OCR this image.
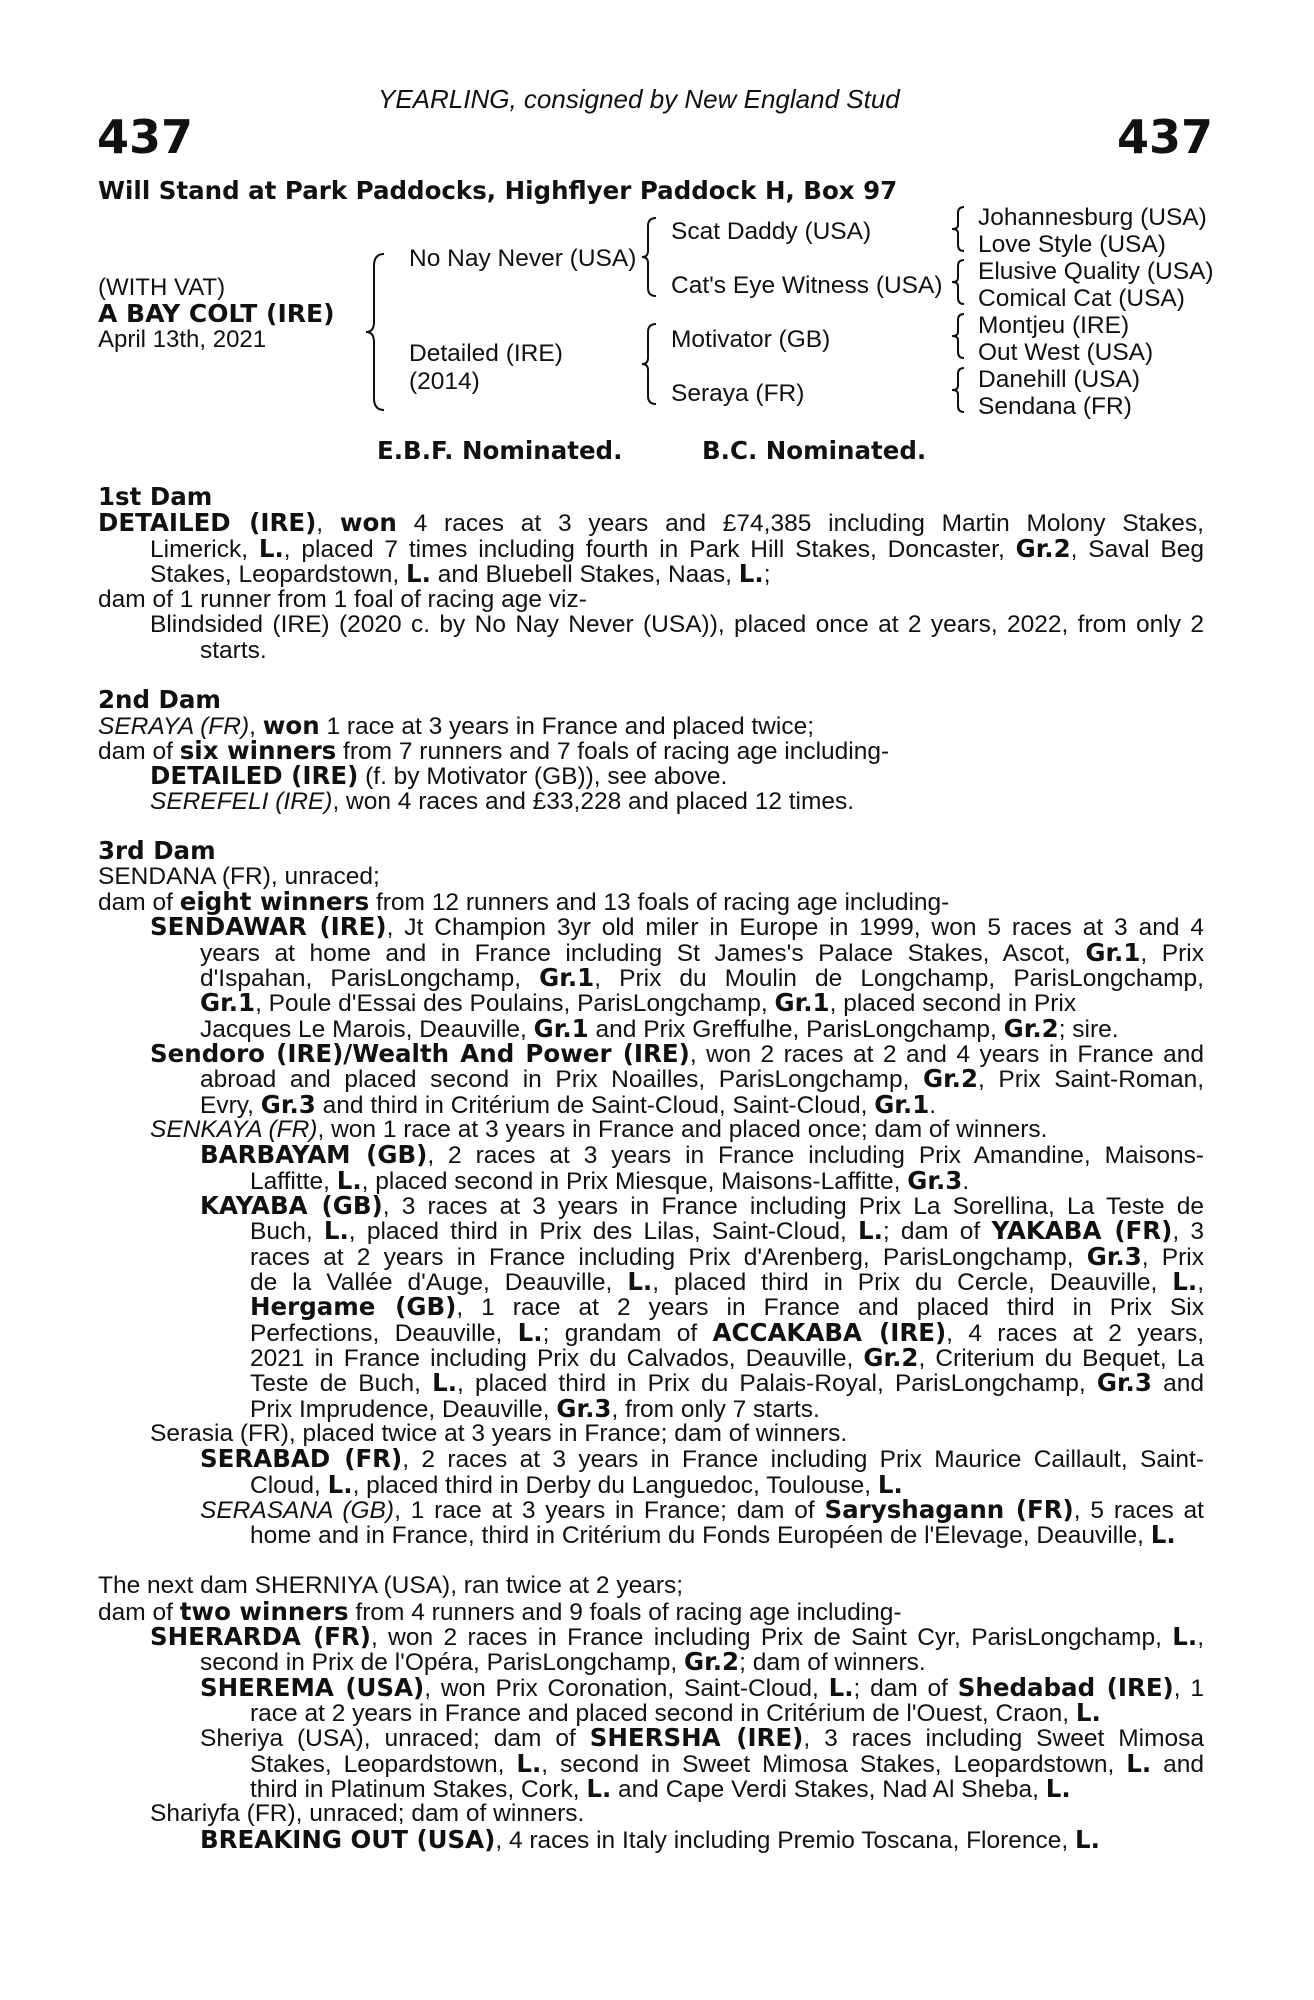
YEARLING, consigned by New England Stud
437	437
Will Stand at Park Paddocks, Highflyer Paddock H, Box 97
(WITH VAT)
A BAY COLT (IRE)
April 13th, 2021
No Nay Never (USA)
Detailed (IRE)
(2014)
Scat Daddy (USA)
Cat's Eye Witness (USA)
Motivator (GB)
Seraya (FR)
Johannesburg (USA)
Love Style (USA)
Elusive Quality (USA)
Comical Cat (USA)
Montjeu (IRE)
Out West (USA)
Danehill (USA)
Sendana (FR)
E.B.F. Nominated.	B.C. Nominated.
1st Dam
DETAILED (IRE), won 4 races at 3 years and £74,385 including Martin Molony Stakes,
Limerick, L., placed 7 times including fourth in Park Hill Stakes, Doncaster, Gr.2, Saval Beg
Stakes, Leopardstown, L. and Bluebell Stakes, Naas, L.;
dam of 1 runner from 1 foal of racing age viz-
Blindsided (IRE) (2020 c. by No Nay Never (USA)), placed once at 2 years, 2022, from only 2
starts.
2nd Dam
SERAYA (FR), won 1 race at 3 years in France and placed twice;
dam of six winners from 7 runners and 7 foals of racing age including-
DETAILED (IRE) (f. by Motivator (GB)), see above.
SEREFELI (IRE), won 4 races and £33,228 and placed 12 times.
3rd Dam
SENDANA (FR), unraced;
dam of eight winners from 12 runners and 13 foals of racing age including-
SENDAWAR (IRE), Jt Champion 3yr old miler in Europe in 1999, won 5 races at 3 and 4
years at home and in France including St James's Palace Stakes, Ascot, Gr.1, Prix
d'Ispahan, ParisLongchamp, Gr.1, Prix du Moulin de Longchamp, ParisLongchamp,
Gr.1, Poule d'Essai des Poulains, ParisLongchamp, Gr.1, placed second in Prix
Jacques Le Marois, Deauville, Gr.1 and Prix Greffulhe, ParisLongchamp, Gr.2; sire.
Sendoro (IRE)/Wealth And Power (IRE), won 2 races at 2 and 4 years in France and
abroad and placed second in Prix Noailles, ParisLongchamp, Gr.2, Prix Saint-Roman,
Evry, Gr.3 and third in Critérium de Saint-Cloud, Saint-Cloud, Gr.1.
SENKAYA (FR), won 1 race at 3 years in France and placed once; dam of winners.
BARBAYAM (GB), 2 races at 3 years in France including Prix Amandine, Maisons-
Laffitte, L., placed second in Prix Miesque, Maisons-Laffitte, Gr.3.
KAYABA (GB), 3 races at 3 years in France including Prix La Sorellina, La Teste de
Buch, L., placed third in Prix des Lilas, Saint-Cloud, L.; dam of YAKABA (FR), 3
races at 2 years in France including Prix d'Arenberg, ParisLongchamp, Gr.3, Prix
de la Vallée d'Auge, Deauville, L., placed third in Prix du Cercle, Deauville, L.,
Hergame (GB), 1 race at 2 years in France and placed third in Prix Six
Perfections, Deauville, L.; grandam of ACCAKABA (IRE), 4 races at 2 years,
2021 in France including Prix du Calvados, Deauville, Gr.2, Criterium du Bequet, La
Teste de Buch, L., placed third in Prix du Palais-Royal, ParisLongchamp, Gr.3 and
Prix Imprudence, Deauville, Gr.3, from only 7 starts.
Serasia (FR), placed twice at 3 years in France; dam of winners.
SERABAD (FR), 2 races at 3 years in France including Prix Maurice Caillault, Saint-
Cloud, L., placed third in Derby du Languedoc, Toulouse, L.
SERASANA (GB), 1 race at 3 years in France; dam of Saryshagann (FR), 5 races at
home and in France, third in Critérium du Fonds Européen de l'Elevage, Deauville, L.
The next dam SHERNIYA (USA), ran twice at 2 years;
dam of two winners from 4 runners and 9 foals of racing age including-
SHERARDA (FR), won 2 races in France including Prix de Saint Cyr, ParisLongchamp, L.,
second in Prix de l'Opéra, ParisLongchamp, Gr.2; dam of winners.
SHEREMA (USA), won Prix Coronation, Saint-Cloud, L.; dam of Shedabad (IRE), 1
race at 2 years in France and placed second in Critérium de l'Ouest, Craon, L.
Sheriya (USA), unraced; dam of SHERSHA (IRE), 3 races including Sweet Mimosa
Stakes, Leopardstown, L., second in Sweet Mimosa Stakes, Leopardstown, L. and
third in Platinum Stakes, Cork, L. and Cape Verdi Stakes, Nad Al Sheba, L.
Shariyfa (FR), unraced; dam of winners.
BREAKING OUT (USA), 4 races in Italy including Premio Toscana, Florence, L.
